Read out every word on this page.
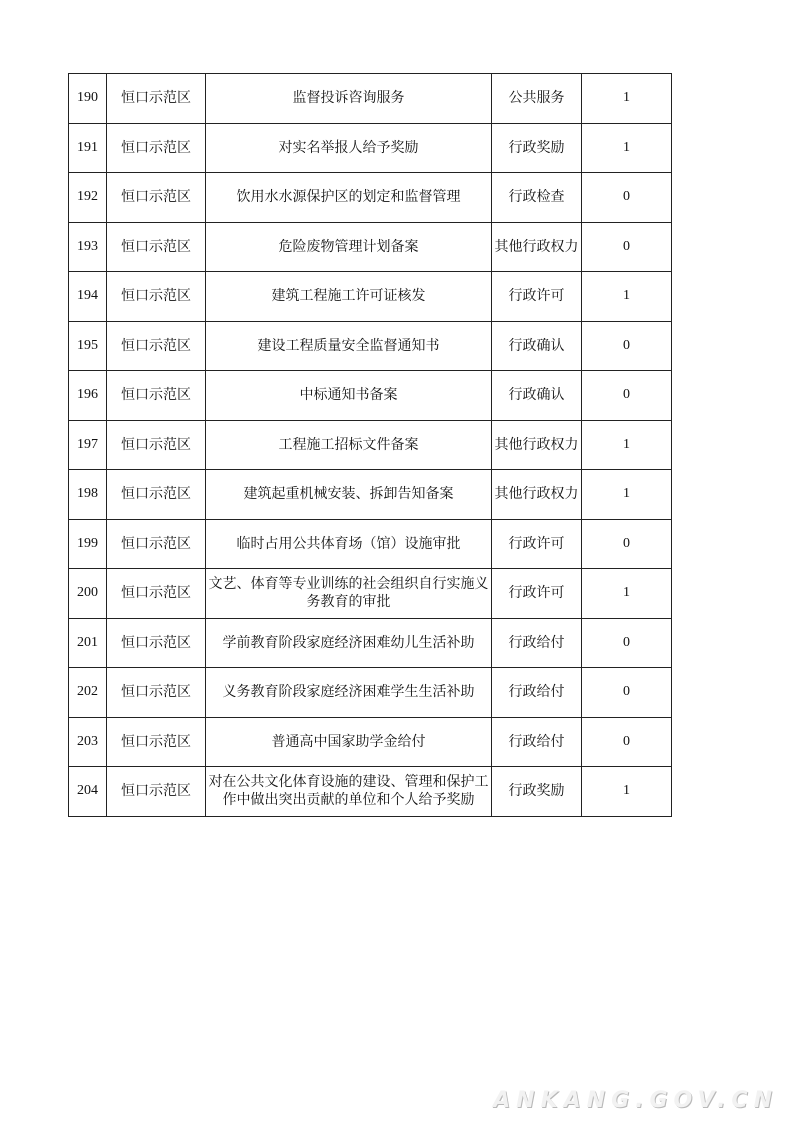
190	恒口示范区	监督投诉咨询服务	公共服务	1
191	恒口示范区	对实名举报人给予奖励	行政奖励	1
192	恒口示范区	饮用水水源保护区的划定和监督管理	行政检查	0
193	恒口示范区	危险废物管理计划备案	其他行政权力	0
194	恒口示范区	建筑工程施工许可证核发	行政许可	1
195	恒口示范区	建设工程质量安全监督通知书	行政确认	0
196	恒口示范区	中标通知书备案	行政确认	0
197	恒口示范区	工程施工招标文件备案	其他行政权力	1
198	恒口示范区	建筑起重机械安装、拆卸告知备案	其他行政权力	1
199	恒口示范区	临时占用公共体育场（馆）设施审批	行政许可	0
200	恒口示范区	文艺、体育等专业训练的社会组织自行实施义务教育的审批	行政许可	1
201	恒口示范区	学前教育阶段家庭经济困难幼儿生活补助	行政给付	0
202	恒口示范区	义务教育阶段家庭经济困难学生生活补助	行政给付	0
203	恒口示范区	普通高中国家助学金给付	行政给付	0
204	恒口示范区	对在公共文化体育设施的建设、管理和保护工作中做出突出贡献的单位和个人给予奖励	行政奖励	1
ANKANG.GOV.CN
